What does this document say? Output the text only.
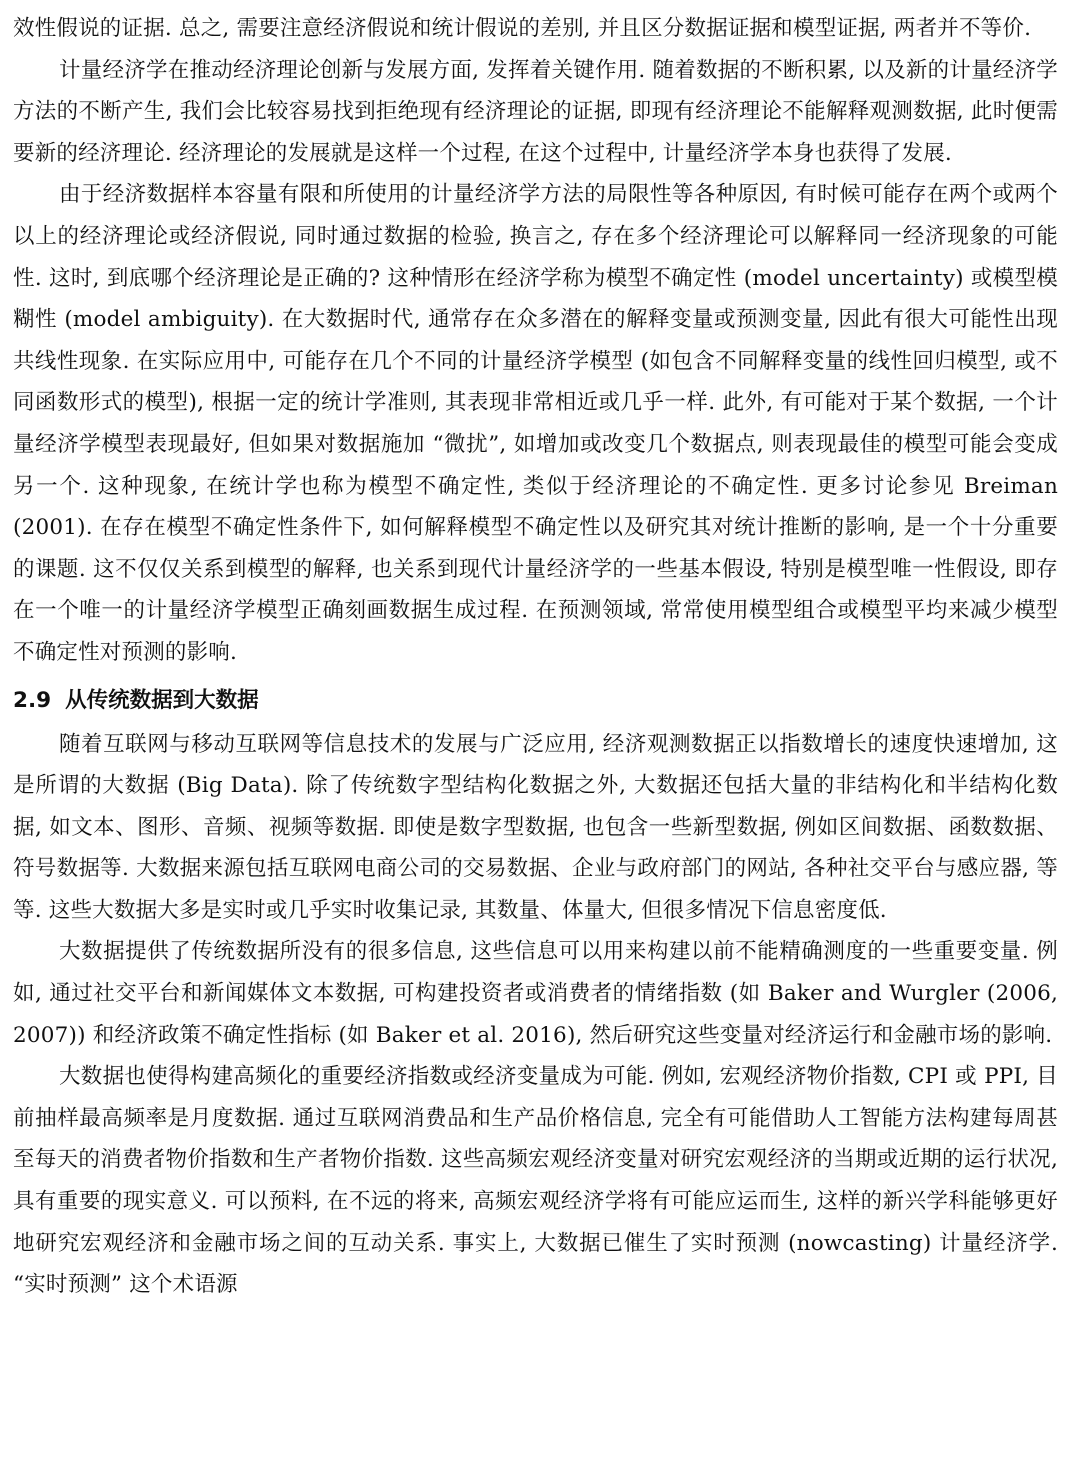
效性假说的证据. 总之, 需要注意经济假说和统计假说的差别, 并且区分数据证据和模型证据, 两者并不等价.

计量经济学在推动经济理论创新与发展方面, 发挥着关键作用. 随着数据的不断积累, 以及新的计量经济学方法的不断产生, 我们会比较容易找到拒绝现有经济理论的证据, 即现有经济理论不能解释观测数据, 此时便需要新的经济理论. 经济理论的发展就是这样一个过程, 在这个过程中, 计量经济学本身也获得了发展.

由于经济数据样本容量有限和所使用的计量经济学方法的局限性等各种原因, 有时候可能存在两个或两个以上的经济理论或经济假说, 同时通过数据的检验, 换言之, 存在多个经济理论可以解释同一经济现象的可能性. 这时, 到底哪个经济理论是正确的? 这种情形在经济学称为模型不确定性 (model uncertainty) 或模型模糊性 (model ambiguity). 在大数据时代, 通常存在众多潜在的解释变量或预测变量, 因此有很大可能性出现共线性现象. 在实际应用中, 可能存在几个不同的计量经济学模型 (如包含不同解释变量的线性回归模型, 或不同函数形式的模型), 根据一定的统计学准则, 其表现非常相近或几乎一样. 此外, 有可能对于某个数据, 一个计量经济学模型表现最好, 但如果对数据施加 “微扰”, 如增加或改变几个数据点, 则表现最佳的模型可能会变成另一个. 这种现象, 在统计学也称为模型不确定性, 类似于经济理论的不确定性. 更多讨论参见 Breiman (2001). 在存在模型不确定性条件下, 如何解释模型不确定性以及研究其对统计推断的影响, 是一个十分重要的课题. 这不仅仅关系到模型的解释, 也关系到现代计量经济学的一些基本假设, 特别是模型唯一性假设, 即存在一个唯一的计量经济学模型正确刻画数据生成过程. 在预测领域, 常常使用模型组合或模型平均来减少模型不确定性对预测的影响.

2.9 从传统数据到大数据

随着互联网与移动互联网等信息技术的发展与广泛应用, 经济观测数据正以指数增长的速度快速增加, 这是所谓的大数据 (Big Data). 除了传统数字型结构化数据之外, 大数据还包括大量的非结构化和半结构化数据, 如文本、图形、音频、视频等数据. 即使是数字型数据, 也包含一些新型数据, 例如区间数据、函数数据、符号数据等. 大数据来源包括互联网电商公司的交易数据、企业与政府部门的网站, 各种社交平台与感应器, 等等. 这些大数据大多是实时或几乎实时收集记录, 其数量、体量大, 但很多情况下信息密度低.

大数据提供了传统数据所没有的很多信息, 这些信息可以用来构建以前不能精确测度的一些重要变量. 例如, 通过社交平台和新闻媒体文本数据, 可构建投资者或消费者的情绪指数 (如 Baker and Wurgler (2006, 2007)) 和经济政策不确定性指标 (如 Baker et al. 2016), 然后研究这些变量对经济运行和金融市场的影响.

大数据也使得构建高频化的重要经济指数或经济变量成为可能. 例如, 宏观经济物价指数, CPI 或 PPI, 目前抽样最高频率是月度数据. 通过互联网消费品和生产品价格信息, 完全有可能借助人工智能方法构建每周甚至每天的消费者物价指数和生产者物价指数. 这些高频宏观经济变量对研究宏观经济的当期或近期的运行状况, 具有重要的现实意义. 可以预料, 在不远的将来, 高频宏观经济学将有可能应运而生, 这样的新兴学科能够更好地研究宏观经济和金融市场之间的互动关系. 事实上, 大数据已催生了实时预测 (nowcasting) 计量经济学. “实时预测” 这个术语源
